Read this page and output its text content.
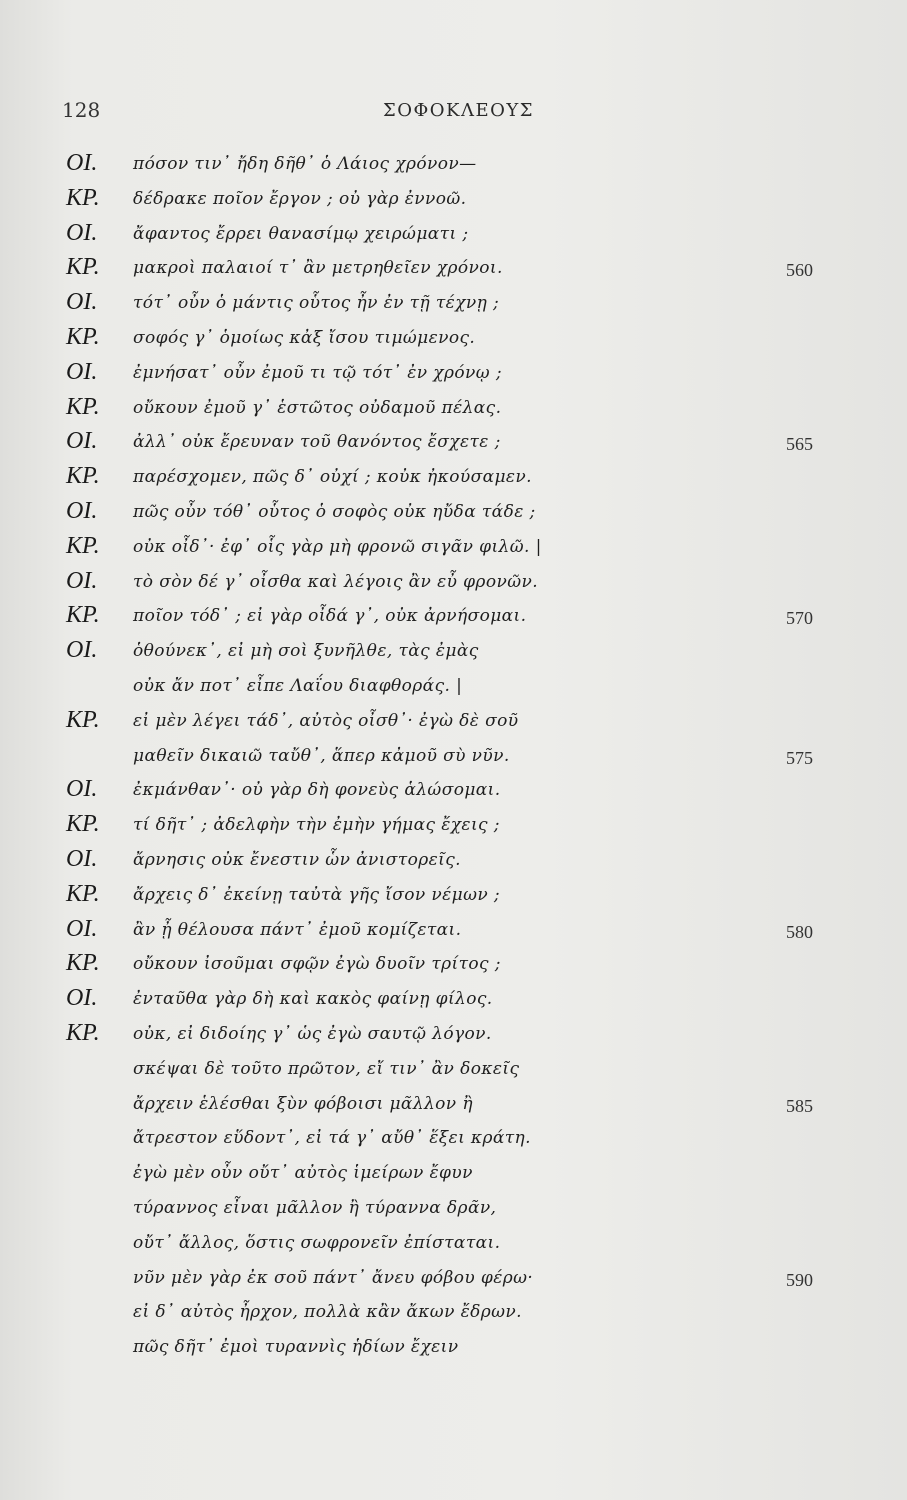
128	ΣΟΦΟΚΛΕΟΥΣ
ΟΙ.	πόσον τιν᾽ ἤδη δῆθ᾽ ὁ Λάιος χρόνον—
ΚΡ.	δέδρακε ποῖον ἔργον ; οὐ γὰρ ἐννοῶ.
ΟΙ.	ἄφαντος ἔρρει θανασίμῳ χειρώματι ;
ΚΡ.	μακροὶ παλαιοί τ᾽ ἂν μετρηθεῖεν χρόνοι.	560
ΟΙ.	τότ᾽ οὖν ὁ μάντις οὗτος ἦν ἐν τῇ τέχνῃ ;
ΚΡ.	σοφός γ᾽ ὁμοίως κἀξ ἴσου τιμώμενος.
ΟΙ.	ἐμνήσατ᾽ οὖν ἐμοῦ τι τῷ τότ᾽ ἐν χρόνῳ ;
ΚΡ.	οὔκουν ἐμοῦ γ᾽ ἑστῶτος οὐδαμοῦ πέλας.
ΟΙ.	ἀλλ᾽ οὐκ ἔρευναν τοῦ θανόντος ἔσχετε ;	565
ΚΡ.	παρέσχομεν, πῶς δ᾽ οὐχί ; κοὐκ ἠκούσαμεν.
ΟΙ.	πῶς οὖν τόθ᾽ οὗτος ὁ σοφὸς οὐκ ηὔδα τάδε ;
ΚΡ.	οὐκ οἶδ᾽· ἐφ᾽ οἷς γὰρ μὴ φρονῶ σιγᾶν φιλῶ. |
ΟΙ.	τὸ σὸν δέ γ᾽ οἶσθα καὶ λέγοις ἂν εὖ φρονῶν.
ΚΡ.	ποῖον τόδ᾽ ; εἰ γὰρ οἶδά γ᾽, οὐκ ἀρνήσομαι.	570
ΟΙ.	ὁθούνεκ᾽, εἰ μὴ σοὶ ξυνῆλθε, τὰς ἐμὰς
οὐκ ἄν ποτ᾽ εἶπε Λαΐου διαφθοράς. |
ΚΡ.	εἰ μὲν λέγει τάδ᾽, αὐτὸς οἶσθ᾽· ἐγὼ δὲ σοῦ
μαθεῖν δικαιῶ ταὔθ᾽, ἅπερ κἀμοῦ σὺ νῦν.	575
ΟΙ.	ἐκμάνθαν᾽· οὐ γὰρ δὴ φονεὺς ἁλώσομαι.
ΚΡ.	τί δῆτ᾽ ; ἀδελφὴν τὴν ἐμὴν γήμας ἔχεις ;
ΟΙ.	ἄρνησις οὐκ ἔνεστιν ὧν ἀνιστορεῖς.
ΚΡ.	ἄρχεις δ᾽ ἐκείνῃ ταὐτὰ γῆς ἴσον νέμων ;
ΟΙ.	ἂν ᾖ θέλουσα πάντ᾽ ἐμοῦ κομίζεται.	580
ΚΡ.	οὔκουν ἰσοῦμαι σφῷν ἐγὼ δυοῖν τρίτος ;
ΟΙ.	ἐνταῦθα γὰρ δὴ καὶ κακὸς φαίνῃ φίλος.
ΚΡ.	οὐκ, εἰ διδοίης γ᾽ ὡς ἐγὼ σαυτῷ λόγον.
σκέψαι δὲ τοῦτο πρῶτον, εἴ τιν᾽ ἂν δοκεῖς
ἄρχειν ἑλέσθαι ξὺν φόβοισι μᾶλλον ἢ	585
ἄτρεστον εὕδοντ᾽, εἰ τά γ᾽ αὔθ᾽ ἕξει κράτη.
ἐγὼ μὲν οὖν οὔτ᾽ αὐτὸς ἱμείρων ἔφυν
τύραννος εἶναι μᾶλλον ἢ τύραννα δρᾶν,
οὔτ᾽ ἄλλος, ὅστις σωφρονεῖν ἐπίσταται.
νῦν μὲν γὰρ ἐκ σοῦ πάντ᾽ ἄνευ φόβου φέρω·	590
εἰ δ᾽ αὐτὸς ἦρχον, πολλὰ κἂν ἄκων ἔδρων.
πῶς δῆτ᾽ ἐμοὶ τυραννὶς ἡδίων ἔχειν
